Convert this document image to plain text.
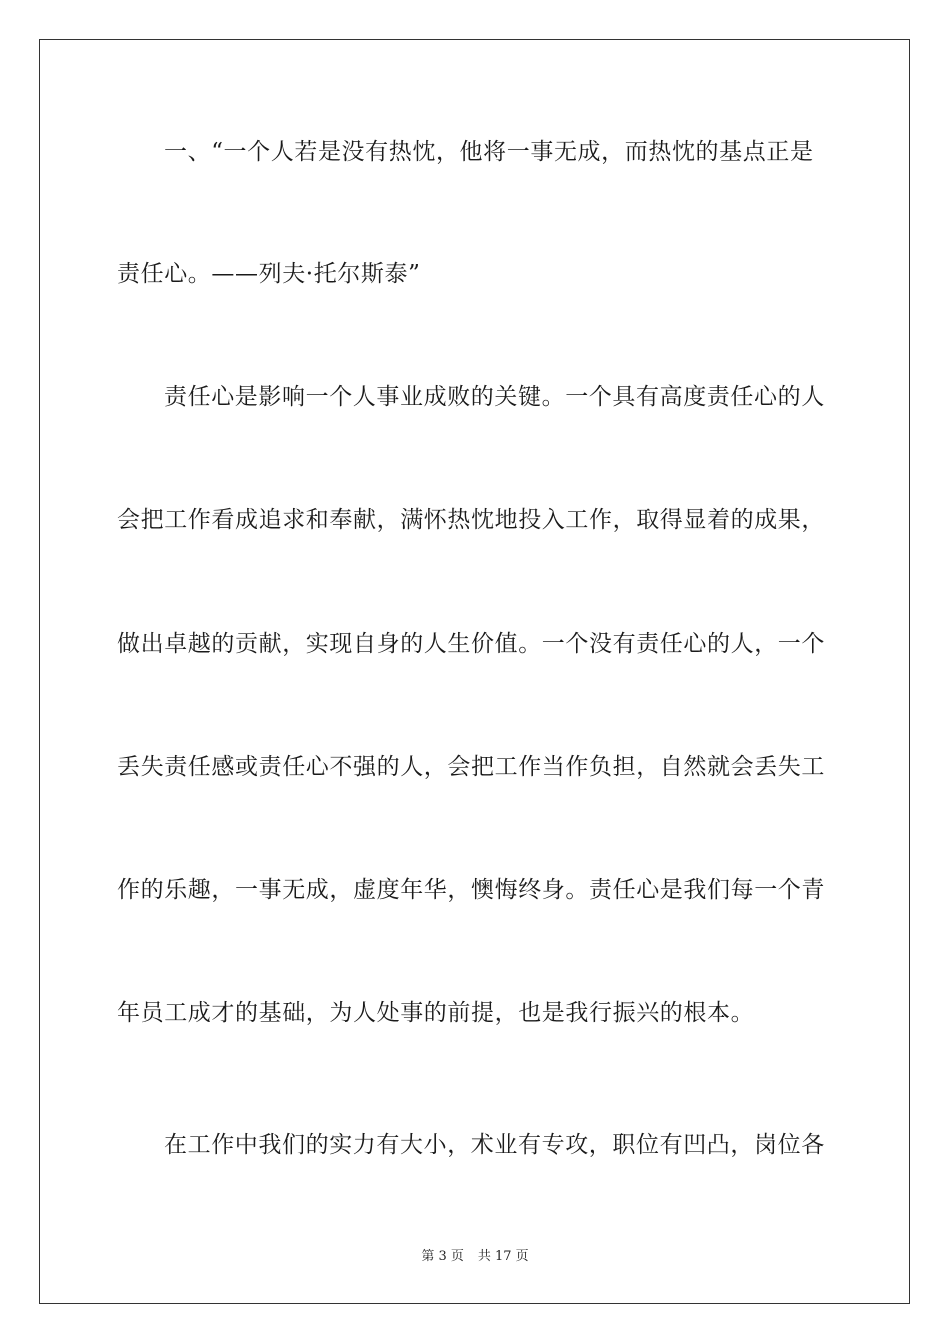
一、“一个人若是没有热忱，他将一事无成，而热忱的基点正是
责任心。——列夫·托尔斯泰”
责任心是影响一个人事业成败的关键。一个具有高度责任心的人
会把工作看成追求和奉献，满怀热忱地投入工作，取得显着的成果，
做出卓越的贡献，实现自身的人生价值。一个没有责任心的人，一个
丢失责任感或责任心不强的人，会把工作当作负担，自然就会丢失工
作的乐趣，一事无成，虚度年华，懊悔终身。责任心是我们每一个青
年员工成才的基础，为人处事的前提，也是我行振兴的根本。
在工作中我们的实力有大小，术业有专攻，职位有凹凸，岗位各
第 3 页 共 17 页
